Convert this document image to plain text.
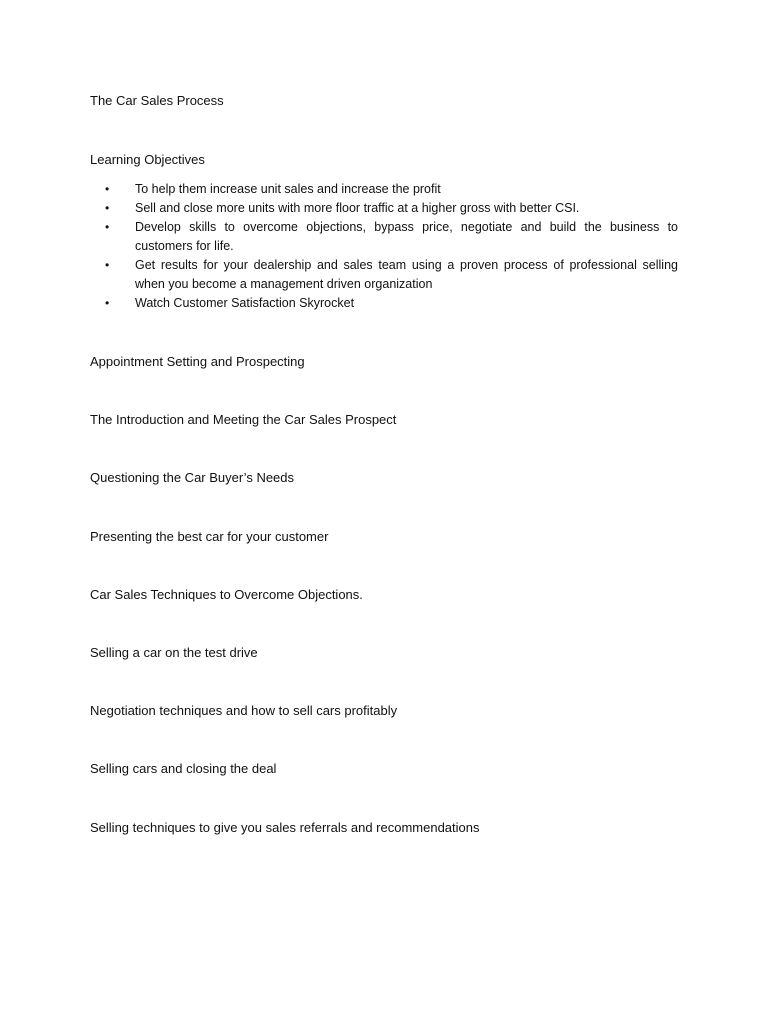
The Car Sales Process
Learning Objectives
• To help them increase unit sales and increase the profit
• Sell and close more units with more floor traffic at a higher gross with better CSI.
• Develop skills to overcome objections, bypass price, negotiate and build the business to customers for life.
• Get results for your dealership and sales team using a proven process of professional selling when you become a management driven organization
• Watch Customer Satisfaction Skyrocket
Appointment Setting and Prospecting
The Introduction and Meeting the Car Sales Prospect
Questioning the Car Buyer’s Needs
Presenting the best car for your customer
Car Sales Techniques to Overcome Objections.
Selling a car on the test drive
Negotiation techniques and how to sell cars profitably
Selling cars and closing the deal
Selling techniques to give you sales referrals and recommendations
